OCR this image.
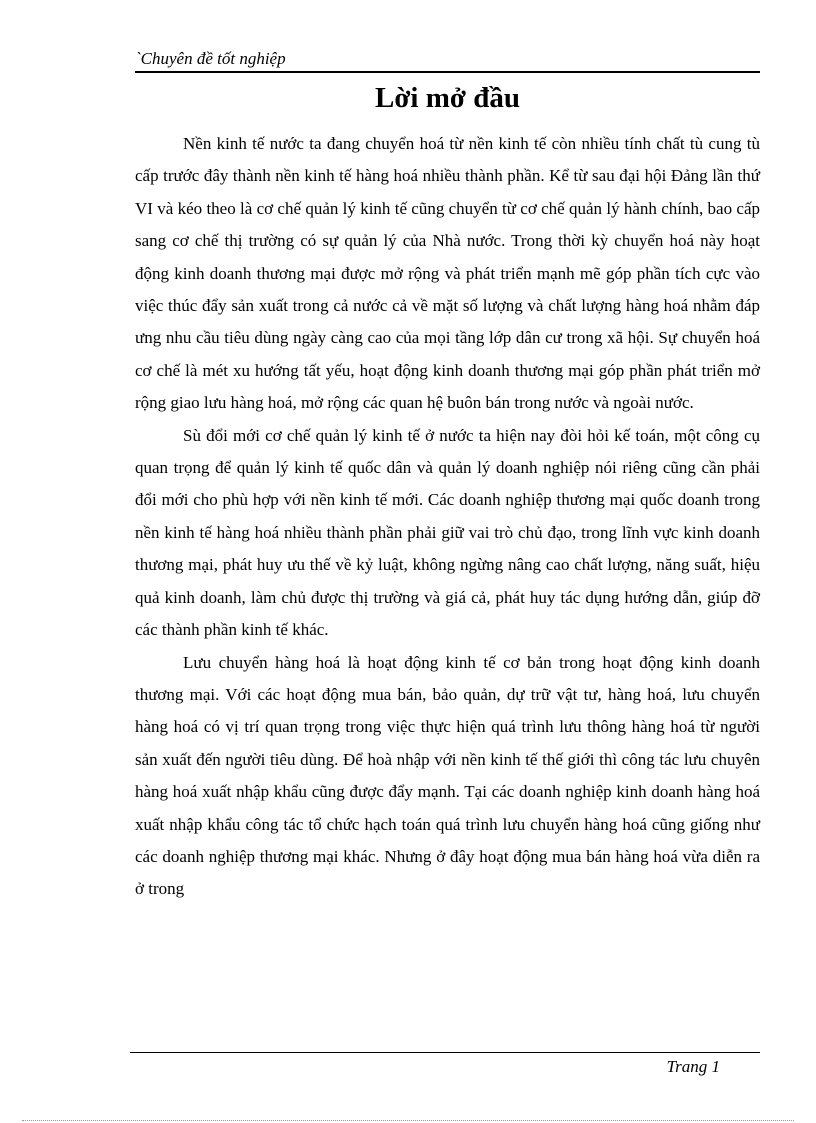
`Chuyên đề tốt nghiệp
Lời mở đầu

Nền kinh tế nước ta đang chuyển hoá từ nền kinh tế còn nhiều tính chất tù cung tù cấp trước đây thành nền kinh tế hàng hoá nhiều thành phần. Kể từ sau đại hội Đảng lần thứ VI và kéo theo là cơ chế quản lý kinh tế cũng chuyển từ cơ chế quản lý hành chính, bao cấp sang cơ chế thị trường có sự quản lý của Nhà nước. Trong thời kỳ chuyển hoá này hoạt động kinh doanh thương mại được mở rộng và phát triển mạnh mẽ góp phần tích cực vào việc thúc đẩy sản xuất trong cả nước cả về mặt số lượng và chất lượng hàng hoá nhằm đáp ưng nhu cầu tiêu dùng ngày càng cao của mọi tầng lớp dân cư trong xã hội. Sự chuyển hoá cơ chế là mét xu hướng tất yếu, hoạt động kinh doanh thương mại góp phần phát triển mở rộng giao lưu hàng hoá, mở rộng các quan hệ buôn bán trong nước và ngoài nước.

Sù đổi mới cơ chế quản lý kinh tế ở nước ta hiện nay đòi hỏi kế toán, một công cụ quan trọng để quản lý kinh tế quốc dân và quản lý doanh nghiệp nói riêng cũng cần phải đổi mới cho phù hợp với nền kinh tế mới. Các doanh nghiệp thương mại quốc doanh trong nền kinh tế hàng hoá nhiều thành phần phải giữ vai trò chủ đạo, trong lĩnh vực kinh doanh thương mại, phát huy ưu thế về kỷ luật, không ngừng nâng cao chất lượng, năng suất, hiệu quả kinh doanh, làm chủ được thị trường và giá cả, phát huy tác dụng hướng dẫn, giúp đỡ các thành phần kinh tế khác.

Lưu chuyển hàng hoá là hoạt động kinh tế cơ bản trong hoạt động kinh doanh thương mại. Với các hoạt động mua bán, bảo quản, dự trữ vật tư, hàng hoá, lưu chuyển hàng hoá có vị trí quan trọng trong việc thực hiện quá trình lưu thông hàng hoá từ người sản xuất đến người tiêu dùng. Để hoà nhập với nền kinh tế thế giới thì công tác lưu chuyên hàng hoá xuất nhập khẩu cũng được đẩy mạnh. Tại các doanh nghiệp kinh doanh hàng hoá xuất nhập khẩu công tác tổ chức hạch toán quá trình lưu chuyển hàng hoá cũng giống như các doanh nghiệp thương mại khác. Nhưng ở đây hoạt động mua bán hàng hoá vừa diễn ra ở trong

Trang 1
